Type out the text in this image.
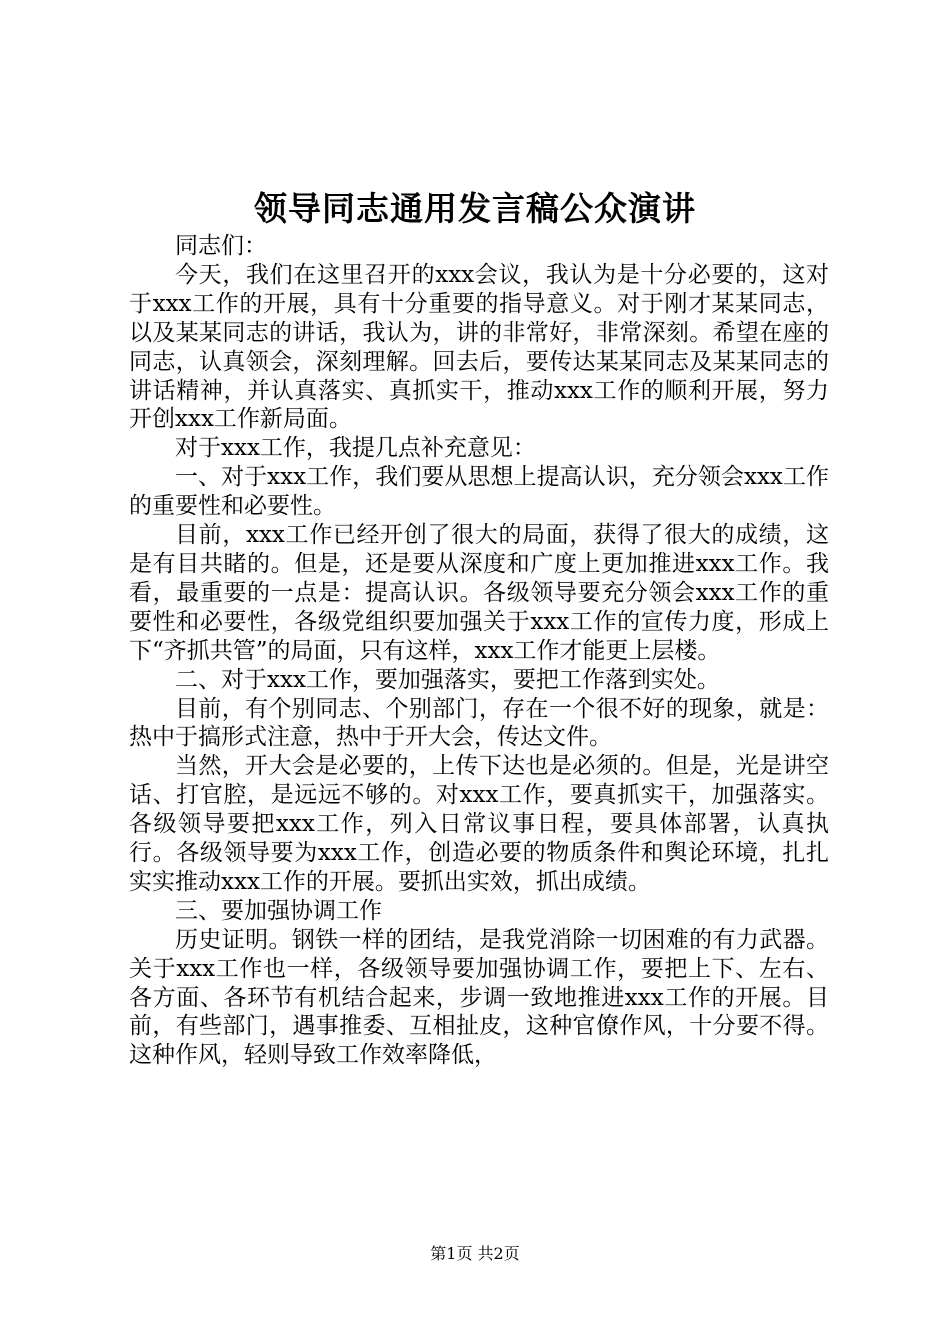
领导同志通用发言稿公众演讲

同志们：

今天，我们在这里召开的xxx会议，我认为是十分必要的，这对于xxx工作的开展，具有十分重要的指导意义。对于刚才某某同志，以及某某同志的讲话，我认为，讲的非常好，非常深刻。希望在座的同志，认真领会，深刻理解。回去后，要传达某某同志及某某同志的讲话精神，并认真落实、真抓实干，推动xxx工作的顺利开展，努力开创xxx工作新局面。

对于xxx工作，我提几点补充意见：

一、对于xxx工作，我们要从思想上提高认识，充分领会xxx工作的重要性和必要性。

目前，xxx工作已经开创了很大的局面，获得了很大的成绩，这是有目共睹的。但是，还是要从深度和广度上更加推进xxx工作。我看，最重要的一点是：提高认识。各级领导要充分领会xxx工作的重要性和必要性，各级党组织要加强关于xxx工作的宣传力度，形成上下“齐抓共管”的局面，只有这样，xxx工作才能更上层楼。

二、对于xxx工作，要加强落实，要把工作落到实处。

目前，有个别同志、个别部门，存在一个很不好的现象，就是：热中于搞形式注意，热中于开大会，传达文件。

当然，开大会是必要的，上传下达也是必须的。但是，光是讲空话、打官腔，是远远不够的。对xxx工作，要真抓实干，加强落实。各级领导要把xxx工作，列入日常议事日程，要具体部署，认真执行。各级领导要为xxx工作，创造必要的物质条件和舆论环境，扎扎实实推动xxx工作的开展。要抓出实效，抓出成绩。

三、要加强协调工作

历史证明。钢铁一样的团结，是我党消除一切困难的有力武器。关于xxx工作也一样，各级领导要加强协调工作，要把上下、左右、各方面、各环节有机结合起来，步调一致地推进xxx工作的开展。目前，有些部门，遇事推委、互相扯皮，这种官僚作风，十分要不得。这种作风，轻则导致工作效率降低，

第1页 共2页
